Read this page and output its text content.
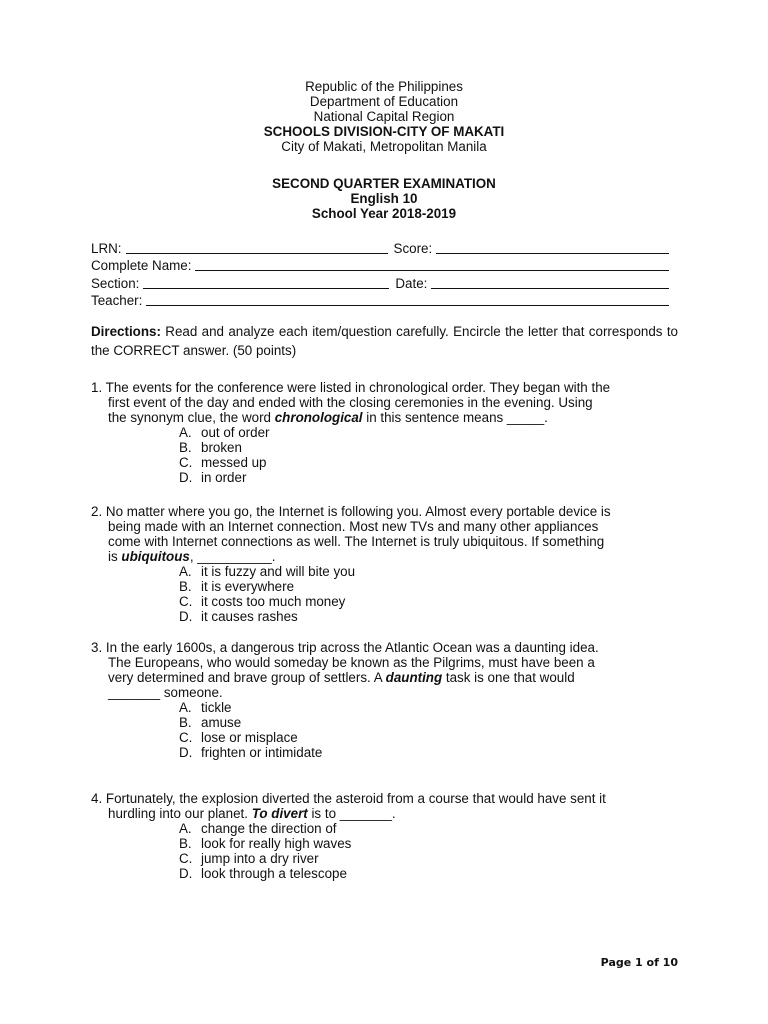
Republic of the Philippines
Department of Education
National Capital Region
SCHOOLS DIVISION-CITY OF MAKATI
City of Makati, Metropolitan Manila
SECOND QUARTER EXAMINATION
English 10
School Year 2018-2019
LRN:	Score:
Complete Name:
Section:	Date:
Teacher:
Directions: Read and analyze each item/question carefully. Encircle the letter that corresponds to the CORRECT answer. (50 points)
1. The events for the conference were listed in chronological order. They began with the
first event of the day and ended with the closing ceremonies in the evening. Using
the synonym clue, the word chronological in this sentence means _____.
A. out of order
B. broken
C. messed up
D. in order
2. No matter where you go, the Internet is following you. Almost every portable device is
being made with an Internet connection. Most new TVs and many other appliances
come with Internet connections as well. The Internet is truly ubiquitous. If something
is ubiquitous, __________.
A. it is fuzzy and will bite you
B. it is everywhere
C. it costs too much money
D. it causes rashes
3. In the early 1600s, a dangerous trip across the Atlantic Ocean was a daunting idea.
The Europeans, who would someday be known as the Pilgrims, must have been a
very determined and brave group of settlers. A daunting task is one that would
_______ someone.
A. tickle
B. amuse
C. lose or misplace
D. frighten or intimidate
4. Fortunately, the explosion diverted the asteroid from a course that would have sent it
hurdling into our planet. To divert is to _______.
A. change the direction of
B. look for really high waves
C. jump into a dry river
D. look through a telescope
Page 1 of 10
